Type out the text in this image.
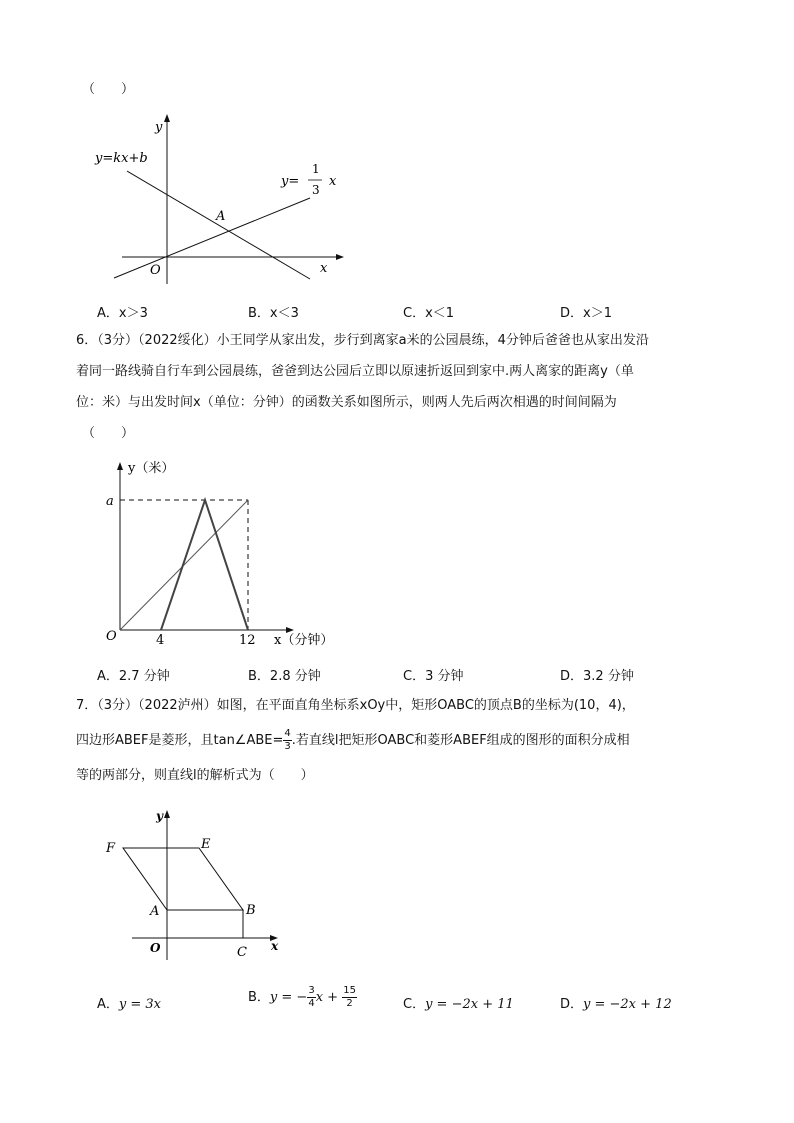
（　　）
y
x
O
y=kx+b
A
y=
1
3
x
A．x＞3	B．x＜3	C．x＜1	D．x＞1
6．（3分）（2022绥化）小王同学从家出发，步行到离家a米的公园晨练，4分钟后爸爸也从家出发沿
着同一路线骑自行车到公园晨练，爸爸到达公园后立即以原速折返回到家中.两人离家的距离y（单
位：米）与出发时间x（单位：分钟）的函数关系如图所示，则两人先后两次相遇的时间间隔为
（　　）
y（米）
x（分钟）
O
a
4	12
A．2.7 分钟	B．2.8 分钟	C．3 分钟	D．3.2 分钟
7．（3分）（2022泸州）如图，在平面直角坐标系xOy中，矩形OABC的顶点B的坐标为(10，4)，
四边形ABEF是菱形，且tan∠ABE= $\frac{4}{3}$ .若直线l把矩形OABC和菱形ABEF组成的图形的面积分成相
等的两部分，则直线l的解析式为（　　）
y
x
O
F	E
A	B
C
A．y = 3x	B．y = − $\frac{3}{4}$ $x + \frac{15}{2}$	C．y = −2x + 11	D．y = −2x + 12
